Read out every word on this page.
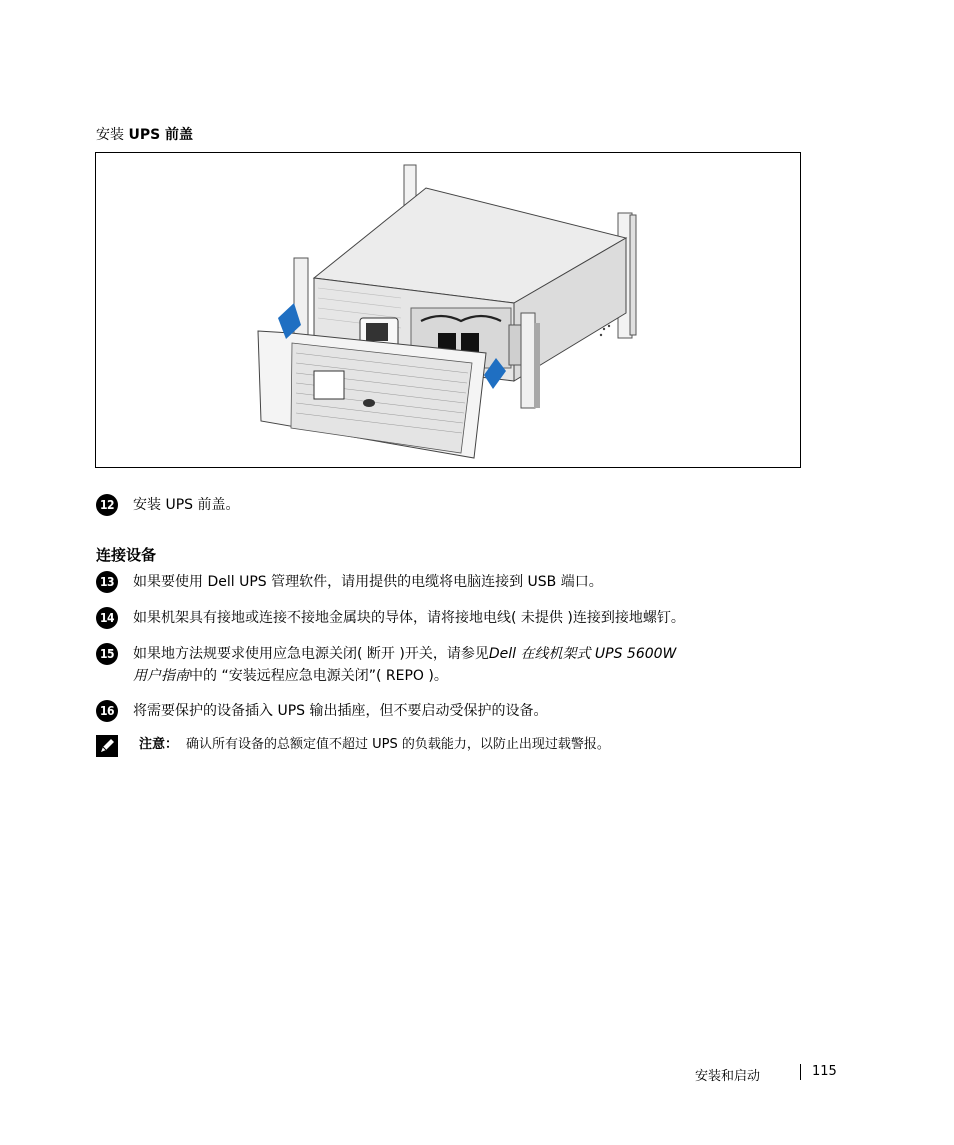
安装 UPS 前盖
12 安装 UPS 前盖。
连接设备
13 如果要使用 Dell UPS 管理软件，请用提供的电缆将电脑连接到 USB 端口。
14 如果机架具有接地或连接不接地金属块的导体，请将接地电线( 未提供 )连接到接地螺钉。
15 如果地方法规要求使用应急电源关闭( 断开 )开关，请参见Dell 在线机架式 UPS 5600W
用户指南中的 “安装远程应急电源关闭”( REPO )。
16 将需要保护的设备插入 UPS 输出插座，但不要启动受保护的设备。
注意： 确认所有设备的总额定值不超过 UPS 的负载能力，以防止出现过载警报。
安装和启动	115
